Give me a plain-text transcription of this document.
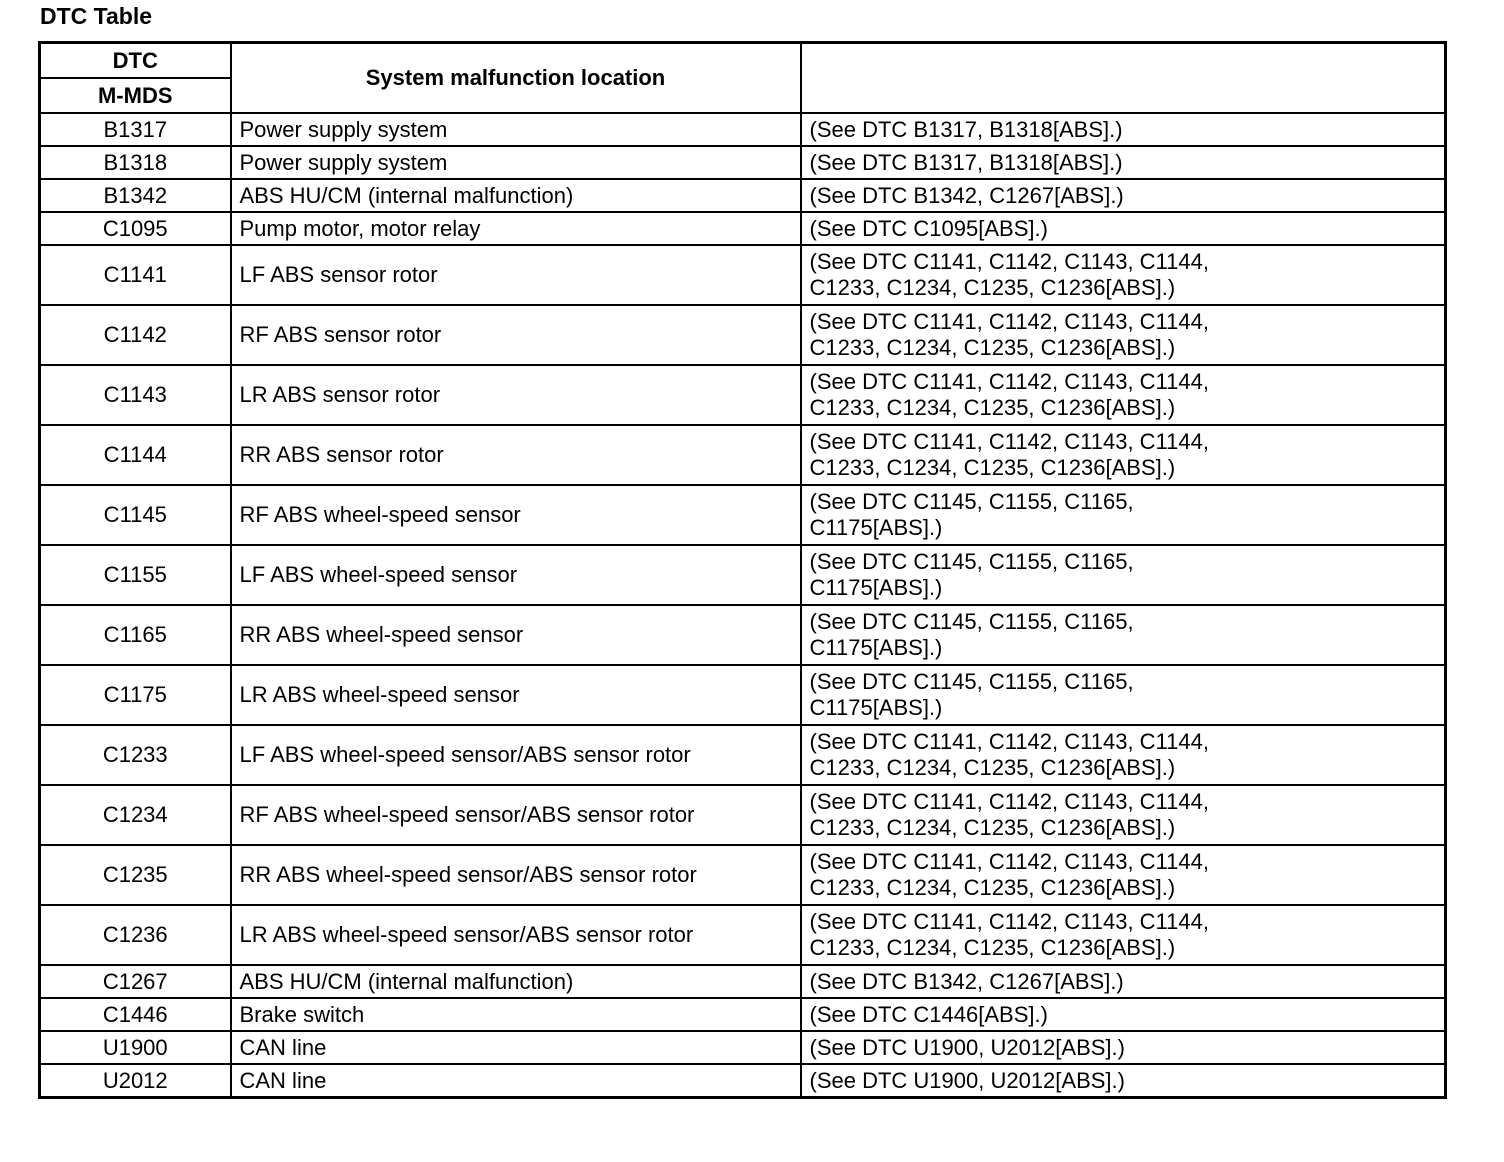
DTC Table
DTC	System malfunction location	
M-MDS		
B1317	Power supply system	(See DTC B1317, B1318[ABS].)

B1318	Power supply system	(See DTC B1317, B1318[ABS].)

B1342	ABS HU/CM (internal malfunction)	(See DTC B1342, C1267[ABS].)

C1095	Pump motor, motor relay	(See DTC C1095[ABS].)

C1141	LF ABS sensor rotor	(See DTC C1141, C1142, C1143, C1144,
C1233, C1234, C1235, C1236[ABS].)

C1142	RF ABS sensor rotor	(See DTC C1141, C1142, C1143, C1144,
C1233, C1234, C1235, C1236[ABS].)

C1143	LR ABS sensor rotor	(See DTC C1141, C1142, C1143, C1144,
C1233, C1234, C1235, C1236[ABS].)

C1144	RR ABS sensor rotor	(See DTC C1141, C1142, C1143, C1144,
C1233, C1234, C1235, C1236[ABS].)

C1145	RF ABS wheel-speed sensor	(See DTC C1145, C1155, C1165,
C1175[ABS].)

C1155	LF ABS wheel-speed sensor	(See DTC C1145, C1155, C1165,
C1175[ABS].)

C1165	RR ABS wheel-speed sensor	(See DTC C1145, C1155, C1165,
C1175[ABS].)

C1175	LR ABS wheel-speed sensor	(See DTC C1145, C1155, C1165,
C1175[ABS].)

C1233	LF ABS wheel-speed sensor/ABS sensor rotor	(See DTC C1141, C1142, C1143, C1144,
C1233, C1234, C1235, C1236[ABS].)

C1234	RF ABS wheel-speed sensor/ABS sensor rotor	(See DTC C1141, C1142, C1143, C1144,
C1233, C1234, C1235, C1236[ABS].)

C1235	RR ABS wheel-speed sensor/ABS sensor rotor	(See DTC C1141, C1142, C1143, C1144,
C1233, C1234, C1235, C1236[ABS].)

C1236	LR ABS wheel-speed sensor/ABS sensor rotor	(See DTC C1141, C1142, C1143, C1144,
C1233, C1234, C1235, C1236[ABS].)

C1267	ABS HU/CM (internal malfunction)	(See DTC B1342, C1267[ABS].)

C1446	Brake switch	(See DTC C1446[ABS].)

U1900	CAN line	(See DTC U1900, U2012[ABS].)

U2012	CAN line	(See DTC U1900, U2012[ABS].)
